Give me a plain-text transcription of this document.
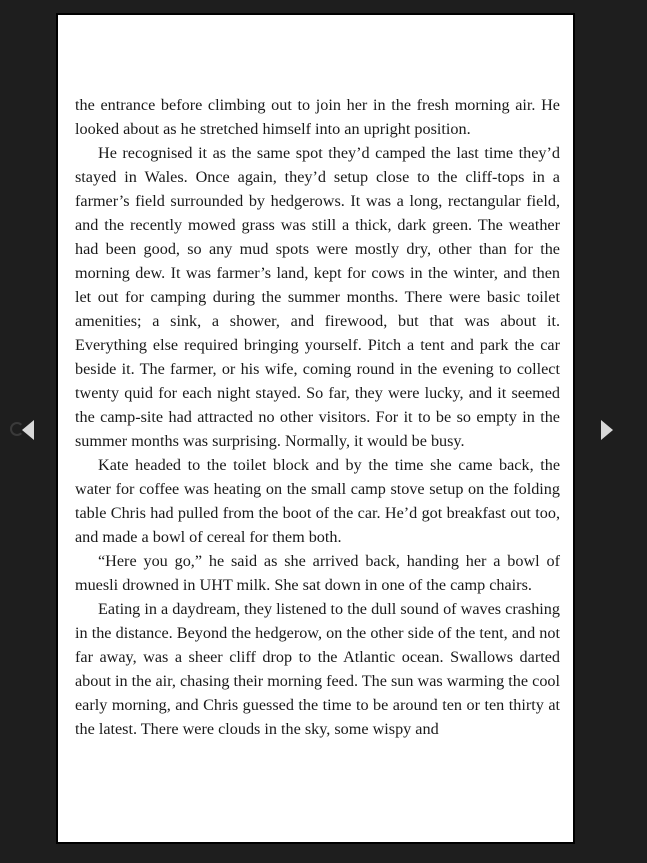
the entrance before climbing out to join her in the fresh morning air. He looked about as he stretched himself into an upright position.

He recognised it as the same spot they’d camped the last time they’d stayed in Wales. Once again, they’d setup close to the cliff-tops in a farmer’s field surrounded by hedgerows. It was a long, rectangular field, and the recently mowed grass was still a thick, dark green. The weather had been good, so any mud spots were mostly dry, other than for the morning dew. It was farmer’s land, kept for cows in the winter, and then let out for camping during the summer months. There were basic toilet amenities; a sink, a shower, and firewood, but that was about it. Everything else required bringing yourself. Pitch a tent and park the car beside it. The farmer, or his wife, coming round in the evening to collect twenty quid for each night stayed. So far, they were lucky, and it seemed the camp-site had attracted no other visitors. For it to be so empty in the summer months was surprising. Normally, it would be busy.

Kate headed to the toilet block and by the time she came back, the water for coffee was heating on the small camp stove setup on the folding table Chris had pulled from the boot of the car. He’d got breakfast out too, and made a bowl of cereal for them both.

“Here you go,” he said as she arrived back, handing her a bowl of muesli drowned in UHT milk. She sat down in one of the camp chairs.

Eating in a daydream, they listened to the dull sound of waves crashing in the distance. Beyond the hedgerow, on the other side of the tent, and not far away, was a sheer cliff drop to the Atlantic ocean. Swallows darted about in the air, chasing their morning feed. The sun was warming the cool early morning, and Chris guessed the time to be around ten or ten thirty at the latest. There were clouds in the sky, some wispy and
